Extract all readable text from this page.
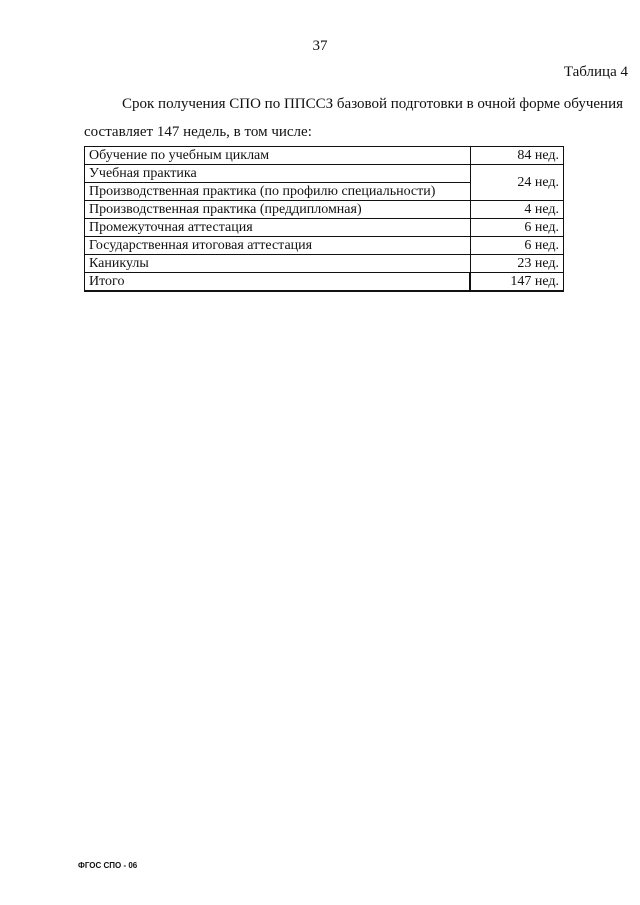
37
Таблица 4
Срок получения СПО по ППССЗ базовой подготовки в очной форме обучения
составляет 147 недель, в том числе:
Обучение по учебным циклам	84 нед.
Учебная практика	24 нед.
Производственная практика (по профилю специальности)	
Производственная практика (преддипломная)	4 нед.
Промежуточная аттестация	6 нед.
Государственная итоговая аттестация	6 нед.
Каникулы	23 нед.
Итого	147 нед.
ФГОС СПО - 06
